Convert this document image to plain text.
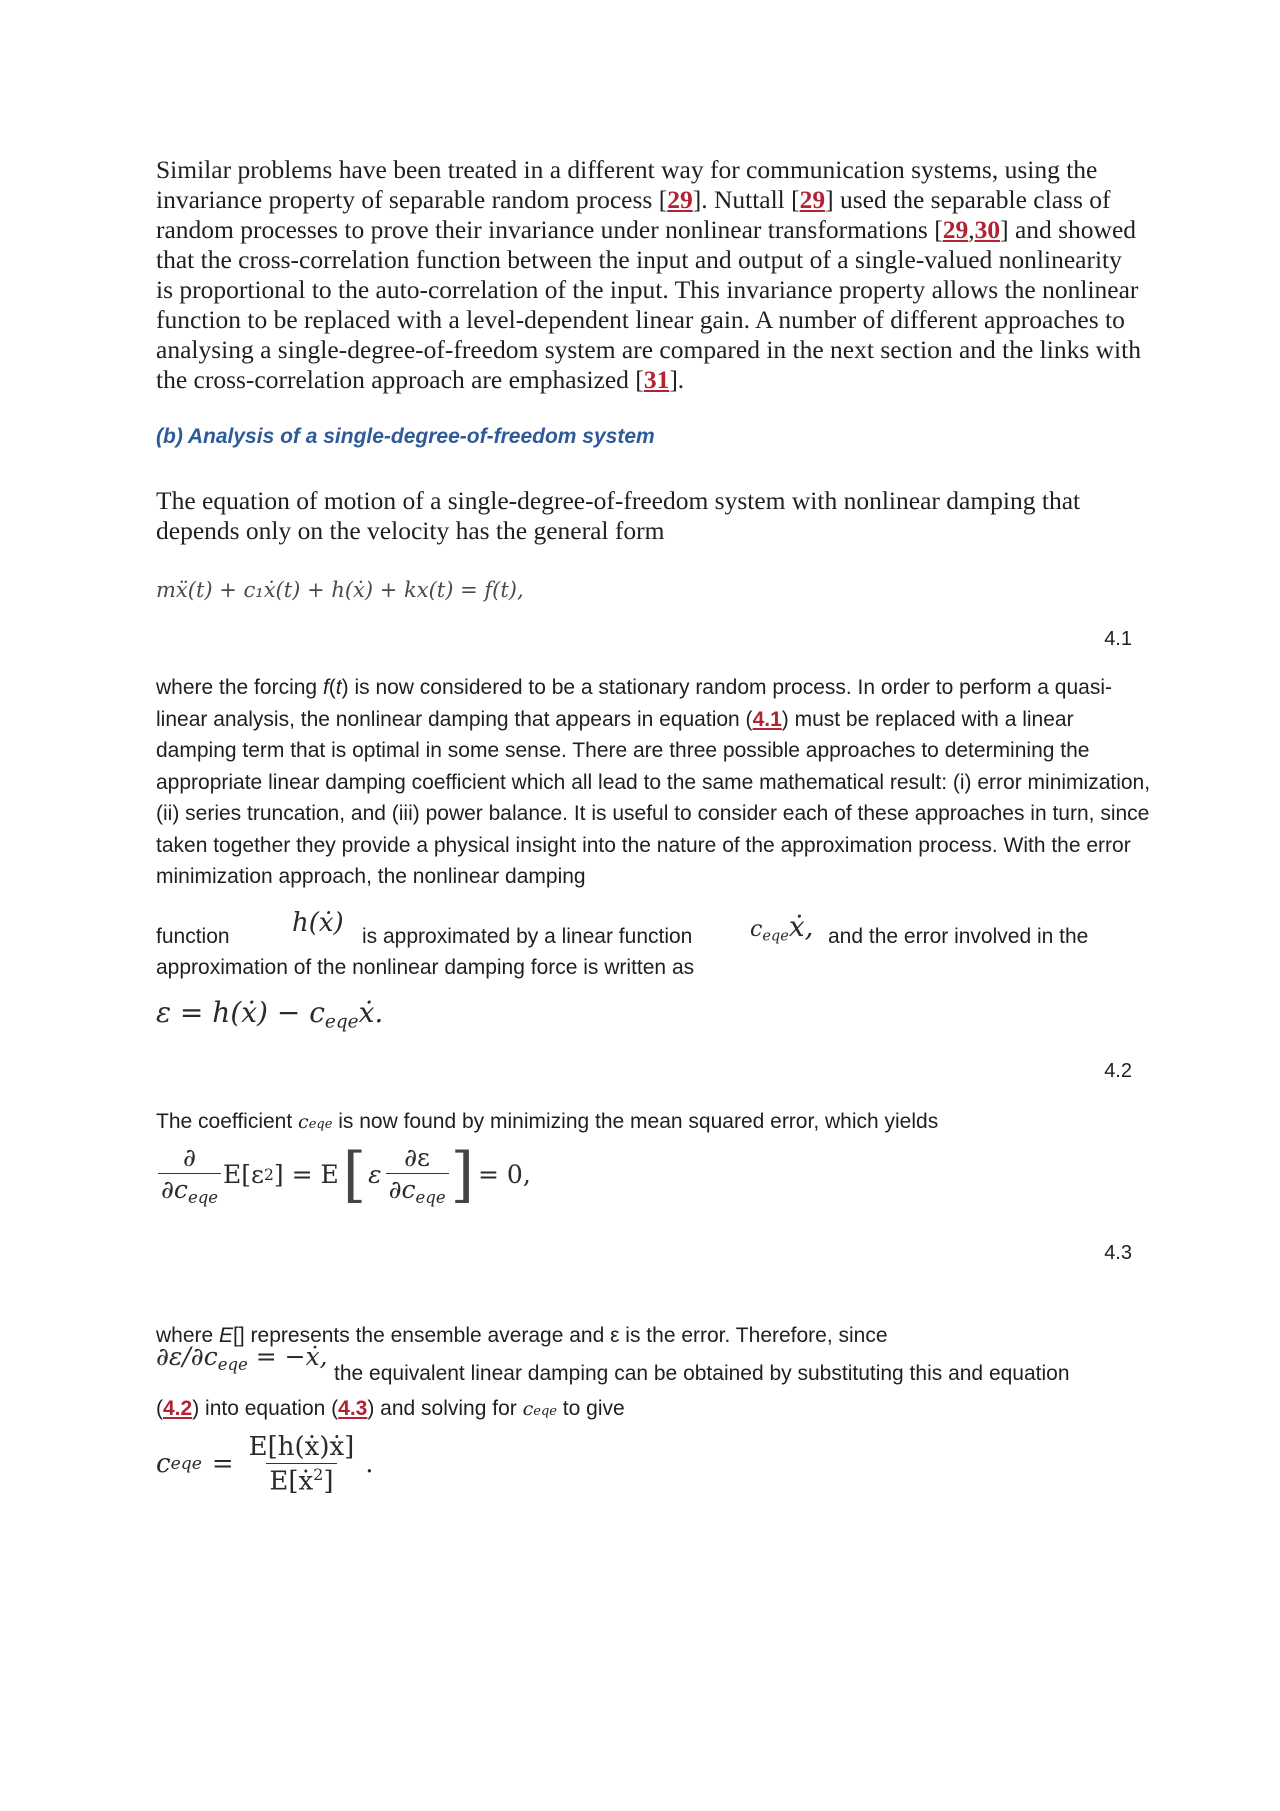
Similar problems have been treated in a different way for communication systems, using the invariance property of separable random process [29]. Nuttall [29] used the separable class of random processes to prove their invariance under nonlinear transformations [29,30] and showed that the cross-correlation function between the input and output of a single-valued nonlinearity is proportional to the auto-correlation of the input. This invariance property allows the nonlinear function to be replaced with a level-dependent linear gain. A number of different approaches to analysing a single-degree-of-freedom system are compared in the next section and the links with the cross-correlation approach are emphasized [31].

(b) Analysis of a single-degree-of-freedom system

The equation of motion of a single-degree-of-freedom system with nonlinear damping that depends only on the velocity has the general form

mẍ(t) + c₁ẋ(t) + h(ẋ) + kx(t) = f(t),
4.1

where the forcing f(t) is now considered to be a stationary random process. In order to perform a quasi-linear analysis, the nonlinear damping that appears in equation (4.1) must be replaced with a linear damping term that is optimal in some sense. There are three possible approaches to determining the appropriate linear damping coefficient which all lead to the same mathematical result: (i) error minimization, (ii) series truncation, and (iii) power balance. It is useful to consider each of these approaches in turn, since taken together they provide a physical insight into the nature of the approximation process. With the error minimization approach, the nonlinear damping

function h(ẋ) is approximated by a linear function	$c_{eqe}ẋ$, and the error involved in the
approximation of the nonlinear damping force is written as
ε = h(ẋ) − $c_{eqe}ẋ$.
4.2

The coefficient ceqe is now found by minimizing the mean squared error, which yields

$\frac{\partial}{\partial c_{eqe}} E[\varepsilon$ 2 ] = E [ ε $\frac{\partial\varepsilon}{\partial c_{eqe}}$ ] = 0,
4.3

where E[] represents the ensemble average and ε is the error. Therefore, since

$\partial\varepsilon/\partial c_{eqe}$ = −ẋ,
the equivalent linear damping can be obtained by substituting this and equation

(4.2) into equation (4.3) and solving for ceqe to give

c eqe = $\frac{\text{E[h(ẋ)ẋ]}}{E[ẋ^2]}$ .
